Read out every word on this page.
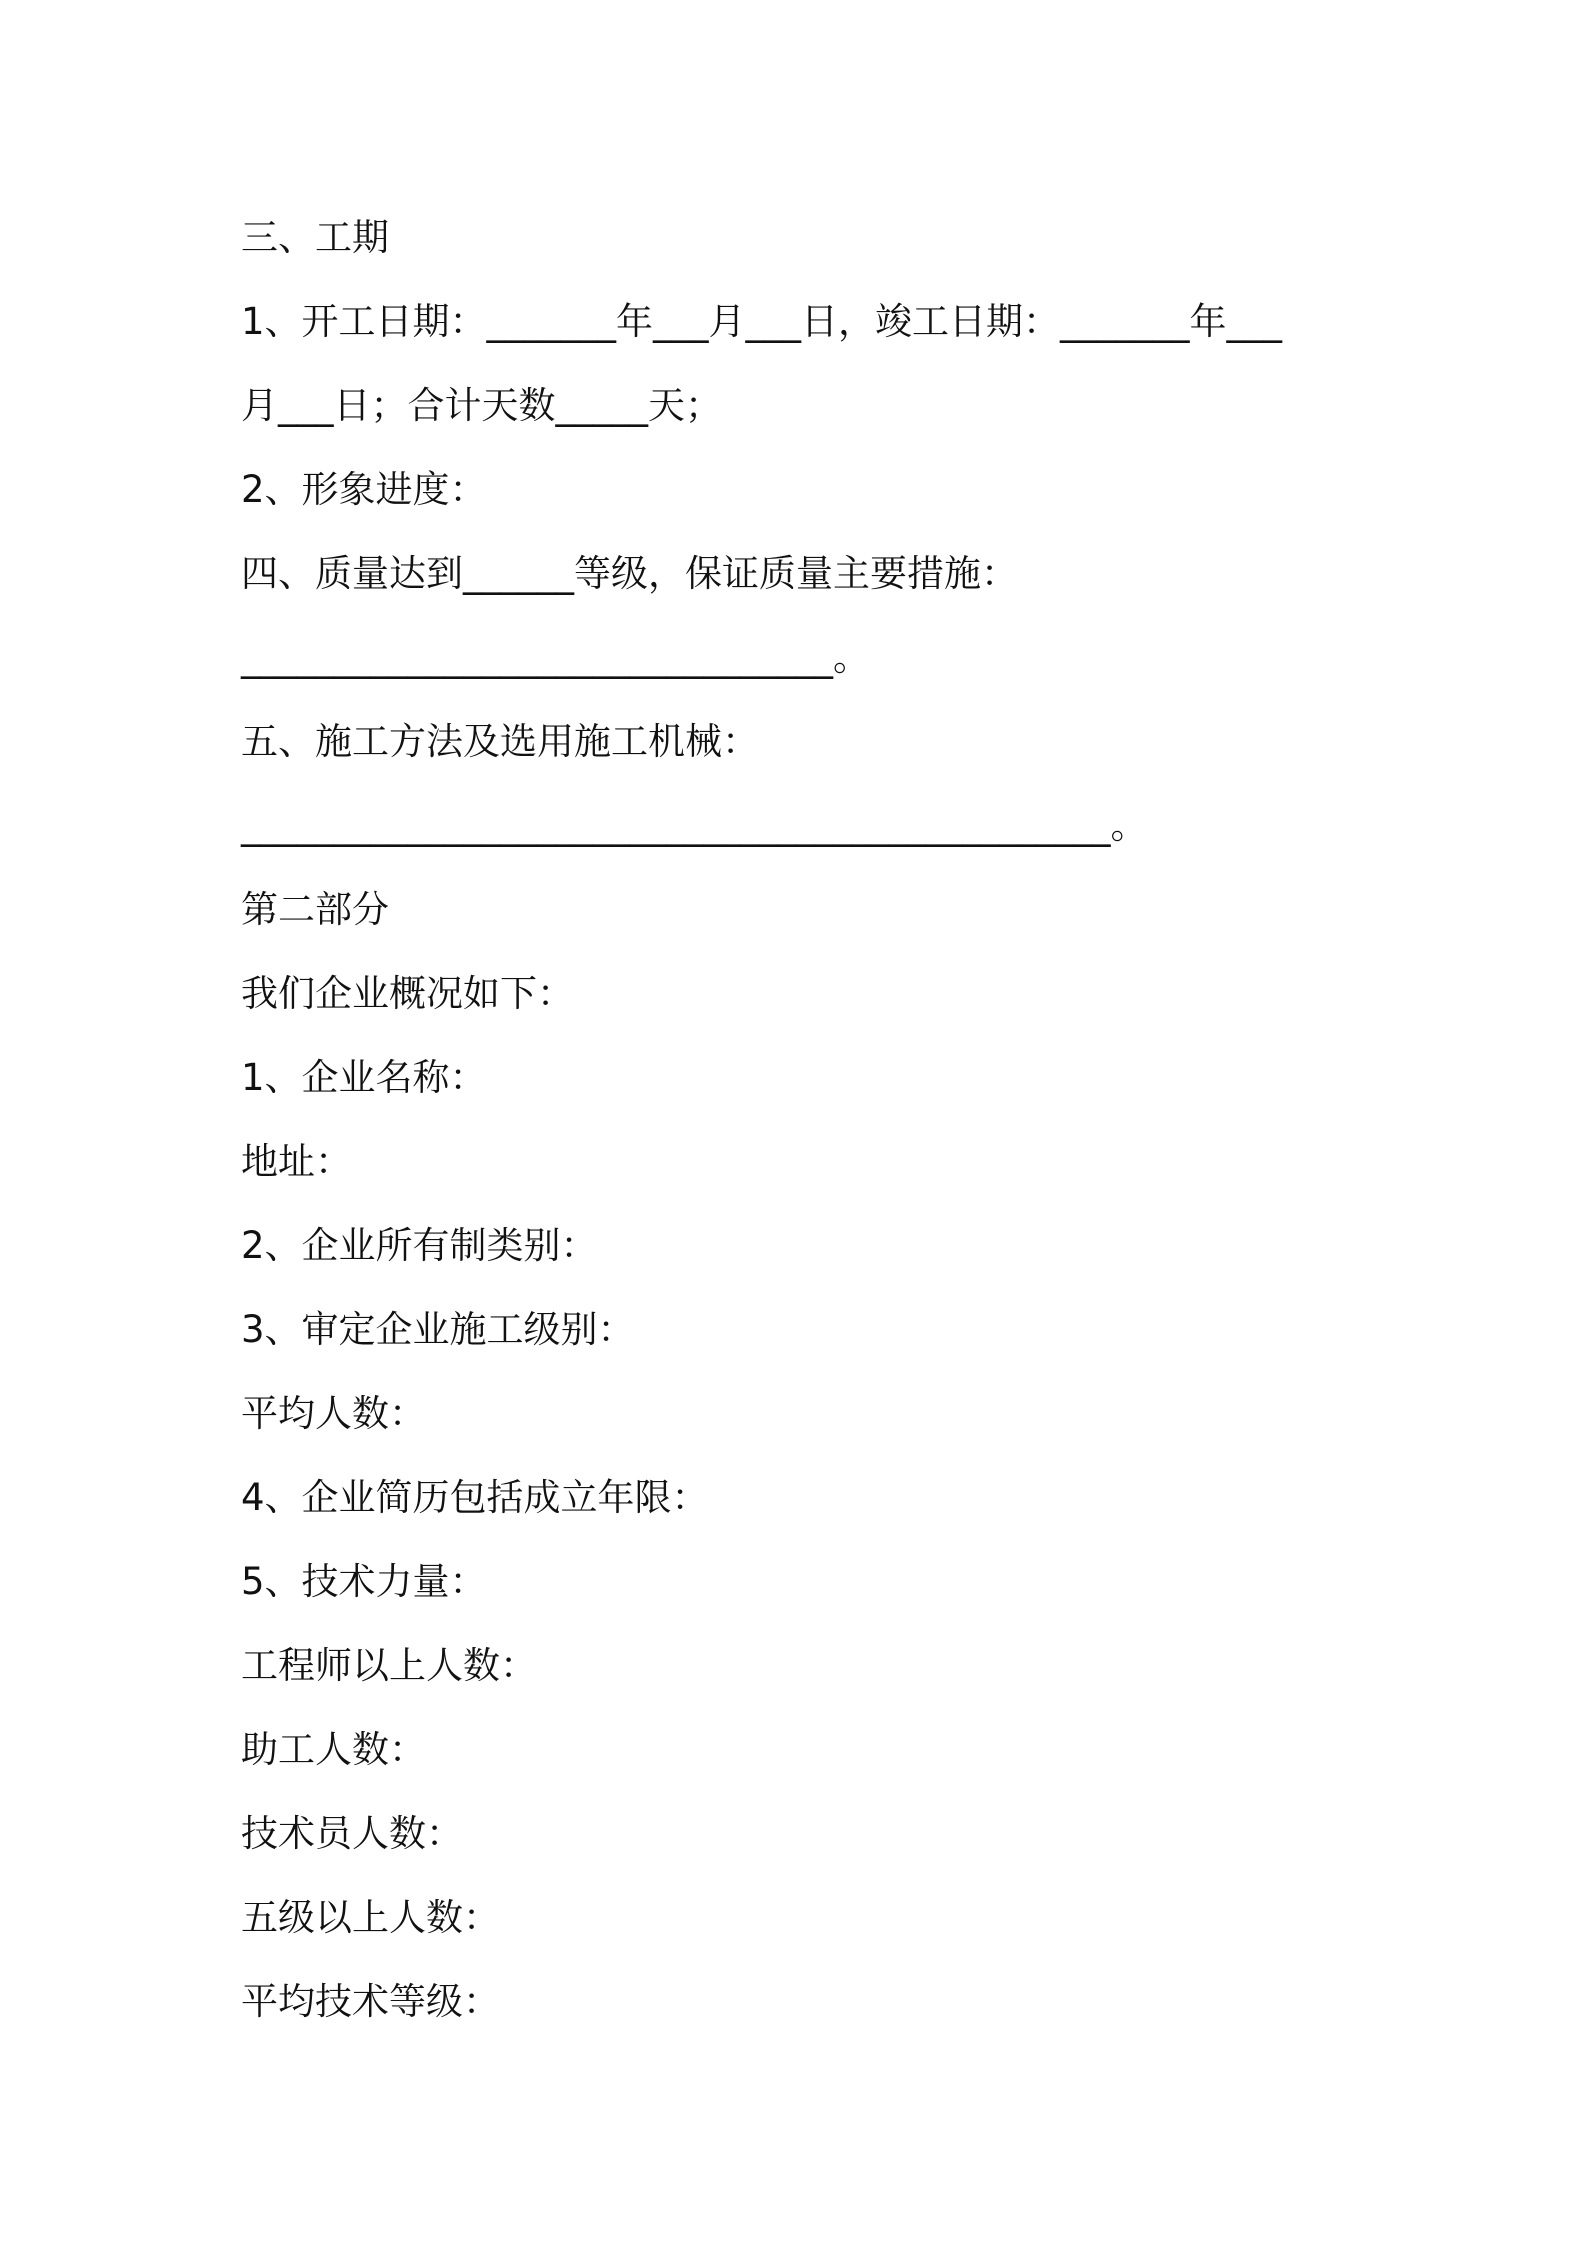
三、工期
1、开工日期：_______年___月___日，竣工日期：_______年___
月___日；合计天数_____天；
2、形象进度：
四、质量达到______等级，保证质量主要措施：
________________________________。
五、施工方法及选用施工机械：
_______________________________________________。
第二部分
我们企业概况如下：
1、企业名称：
地址：
2、企业所有制类别：
3、审定企业施工级别：
平均人数：
4、企业简历包括成立年限：
5、技术力量：
工程师以上人数：
助工人数：
技术员人数：
五级以上人数：
平均技术等级：
